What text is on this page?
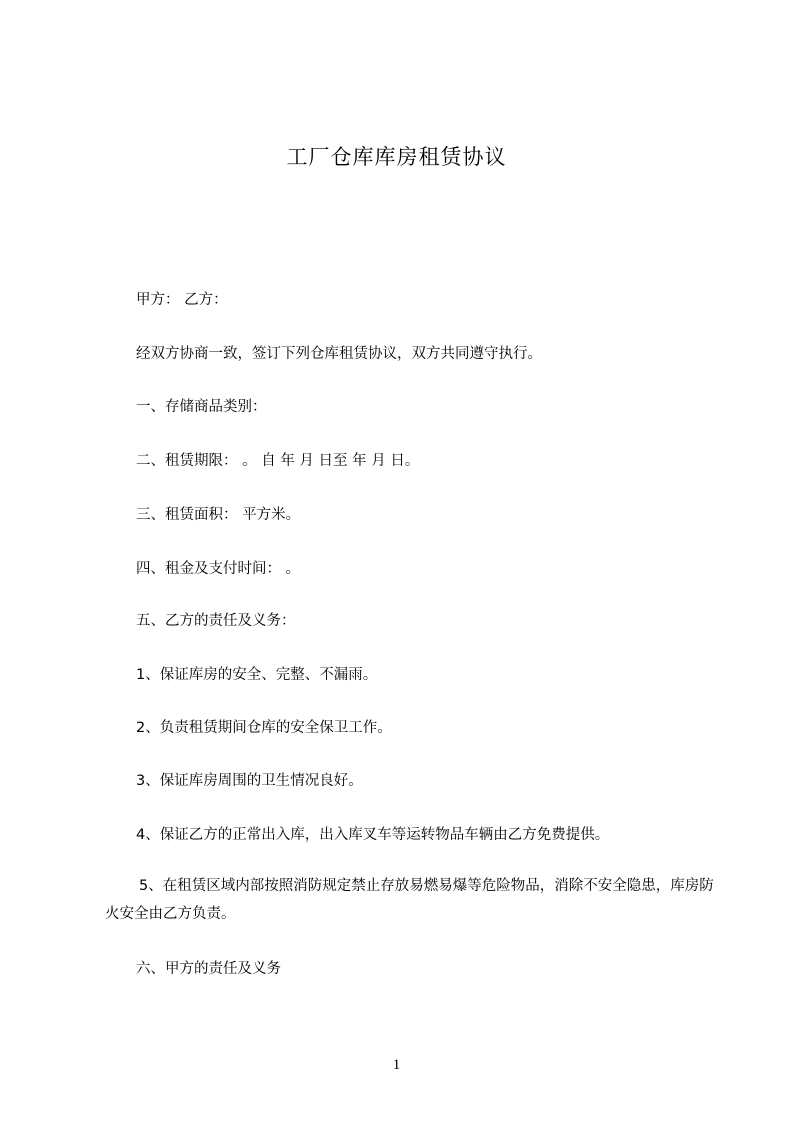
工厂仓库库房租赁协议
甲方： 乙方：
经双方协商一致，签订下列仓库租赁协议，双方共同遵守执行。
一、存储商品类别：
二、租赁期限： 。 自 年 月 日至 年 月 日。
三、租赁面积： 平方米。
四、租金及支付时间： 。
五、乙方的责任及义务：
1、保证库房的安全、完整、不漏雨。
2、负责租赁期间仓库的安全保卫工作。
3、保证库房周围的卫生情况良好。
4、保证乙方的正常出入库，出入库叉车等运转物品车辆由乙方免费提供。
5、在租赁区域内部按照消防规定禁止存放易燃易爆等危险物品，消除不安全隐患，库房防火安全由乙方负责。
六、甲方的责任及义务
1
